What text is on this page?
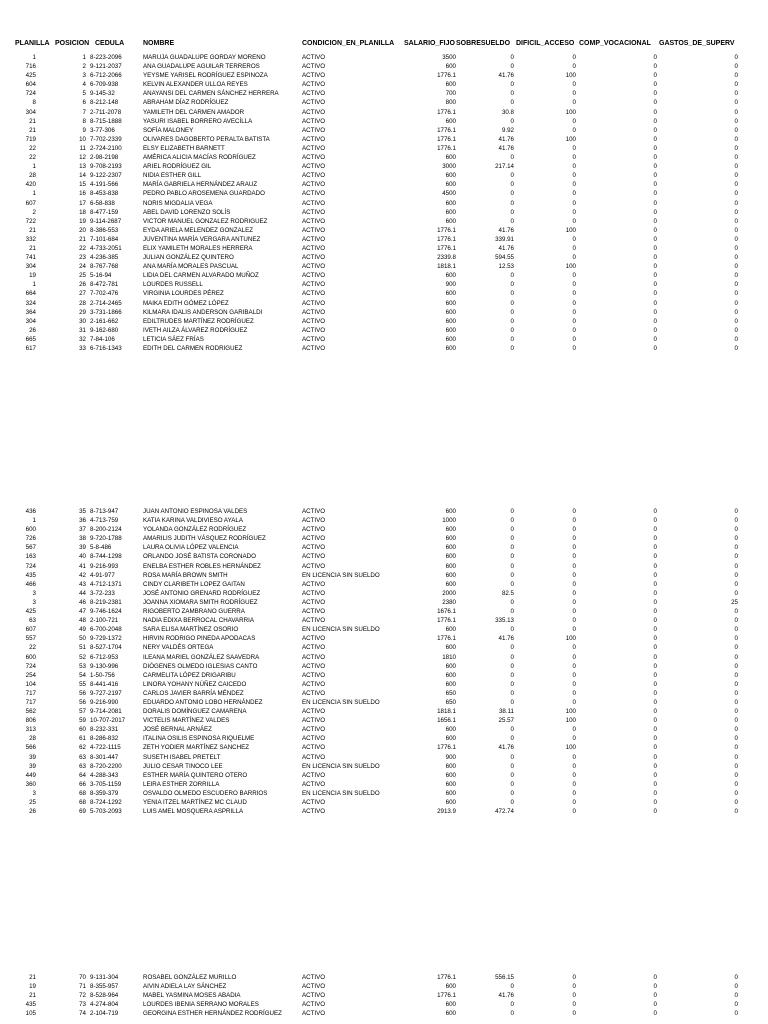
PLANILLA POSICION CEDULA	NOMBRE	CONDICION_EN_PLANILLA SALARIO_FIJO SOBRESUELDO DIFICIL_ACCESO COMP_VOCACIONAL GASTOS_DE_SUPERV
1	1 8-223-2096	MARUJA GUADALUPE GORDAY MORENO	ACTIVO	3500	0	0	0	0
716	2 9-121-2037	ANA GUADALUPE AGUILAR TERREROS	ACTIVO	600	0	0	0	0
425	3 6-712-2066	YEYSME YARISEL RODRÍGUEZ ESPINOZA	ACTIVO	1776.1	41.76	100	0	0
604	4 6-709-938	KELVIN ALEXANDER ULLOA REYES	ACTIVO	600	0	0	0	0
724	5 9-145-32	ANAYANSI DEL CARMEN SÁNCHEZ HERRERA	ACTIVO	700	0	0	0	0
8	6 8-212-148	ABRAHAM DÍAZ RODRÍGUEZ	ACTIVO	800	0	0	0	0
304	7 2-711-2078	YAMILETH DEL CARMEN AMADOR	ACTIVO	1776.1	30.8	100	0	0
21	8 8-715-1888	YASURI ISABEL BORRERO AVECÍLLA	ACTIVO	600	0	0	0	0
21	9 3-77-306	SOFÍA MALONEY	ACTIVO	1776.1	9.92	0	0	0
719	10 7-702-2339	OLIVARES DAGOBERTO PERALTA BATISTA	ACTIVO	1776.1	41.76	100	0	0
22	11 2-724-2100	ELSY ELIZABETH BARNETT	ACTIVO	1776.1	41.76	0	0	0
22	12 2-98-2198	AMÉRICA ALICIA MACÍAS RODRÍGUEZ	ACTIVO	600	0	0	0	0
1	13 9-708-2193	ARIEL RODRÍGUEZ GIL	ACTIVO	3000	217.14	0	0	0
28	14 9-122-2307	NIDIA ESTHER GILL	ACTIVO	600	0	0	0	0
420	15 4-191-566	MARÍA GABRIELA HERNÁNDEZ ARAUZ	ACTIVO	600	0	0	0	0
1	16 8-453-838	PEDRO PABLO AROSEMENA GUARDADO	ACTIVO	4500	0	0	0	0
607	17 6-58-838	NORIS MIGDALIA VEGA	ACTIVO	600	0	0	0	0
2	18 8-477-159	ABEL DAVID LORENZO SOLÍS	ACTIVO	600	0	0	0	0
722	19 9-114-2687	VICTOR MANUEL GONZALEZ RODRIGUEZ	ACTIVO	600	0	0	0	0
21	20 8-386-553	EYDA ARIELA MELENDEZ GONZALEZ	ACTIVO	1776.1	41.76	100	0	0
332	21 7-101-684	JUVENTINA MARÍA VERGARA ANTUNEZ	ACTIVO	1776.1	339.91	0	0	0
21	22 4-733-2051	ELIX YAMILETH MORALES HERRERA	ACTIVO	1776.1	41.76	0	0	0
741	23 4-236-385	JULIAN GONZÁLEZ QUINTERO	ACTIVO	2339.8	594.55	0	0	0
304	24 8-767-768	ANA MARÍA MORALES PASCUAL	ACTIVO	1818.1	12.53	100	0	0
19	25 5-16-94	LIDIA DEL CARMEN ALVARADO MUÑOZ	ACTIVO	600	0	0	0	0
1	26 8-472-781	LOURDES RUSSELL	ACTIVO	900	0	0	0	0
664	27 7-702-476	VIRGINIA LOURDES PÉREZ	ACTIVO	600	0	0	0	0
324	28 2-714-2465	MAIKA EDITH GÓMEZ LÓPEZ	ACTIVO	600	0	0	0	0
364	29 3-731-1866	KILMARA IDALIS ANDERSON GARIBALDI	ACTIVO	600	0	0	0	0
304	30 2-161-662	EDILTRUDES MARTÍNEZ RODRÍGUEZ	ACTIVO	600	0	0	0	0
26	31 9-162-680	IVETH AILZA ÁLVAREZ RODRÍGUEZ	ACTIVO	600	0	0	0	0
665	32 7-84-106	LETICIA SÁEZ FRÍAS	ACTIVO	600	0	0	0	0
617	33 6-716-1343	EDITH DEL CARMEN RODRIGUEZ	ACTIVO	600	0	0	0	0
436	35 8-713-947	JUAN ANTONIO ESPINOSA VALDES	ACTIVO	600	0	0	0	0
1	36 4-713-759	KATIA KARINA VALDIVIESO AYALA	ACTIVO	1000	0	0	0	0
600	37 8-200-2124	YOLANDA GONZÁLEZ RODRÍGUEZ	ACTIVO	600	0	0	0	0
726	38 9-720-1788	AMARILIS JUDITH VÁSQUEZ RODRÍGUEZ	ACTIVO	600	0	0	0	0
567	39 5-8-486	LAURA OLIVIA LÓPEZ VALENCIA	ACTIVO	600	0	0	0	0
163	40 8-744-1298	ORLANDO JOSÉ BATISTA CORONADO	ACTIVO	600	0	0	0	0
724	41 9-216-993	ENELBA ESTHER ROBLES HERNÁNDEZ	ACTIVO	600	0	0	0	0
435	42 4-91-977	ROSA MARÍA BROWN SMITH	EN LICENCIA SIN SUELDO	600	0	0	0	0
466	43 4-712-1371	CINDY CLARIBETH LOPEZ GAITAN	ACTIVO	600	0	0	0	0
3	44 3-72-233	JOSÉ ANTONIO GRENARD RODRÍGUEZ	ACTIVO	2000	82.5	0	0	0
3	46 8-219-2381	JOANNA XIOMARA SMITH RODRÍGUEZ	ACTIVO	2380	0	0	0	25
425	47 9-746-1624	RIGOBERTO ZAMBRANO GUERRA	ACTIVO	1676.1	0	0	0	0
63	48 2-100-721	NADIA EDIXA BERROCAL CHAVARRIA	ACTIVO	1776.1	335.13	0	0	0
607	49 6-700-2048	SARA ELISA MARTÍNEZ OSORIO	EN LICENCIA SIN SUELDO	600	0	0	0	0
557	50 9-729-1372	HIRVIN RODRIGO PINEDA APODACAS	ACTIVO	1776.1	41.76	100	0	0
22	51 8-527-1704	NERY VALDÉS ORTEGA	ACTIVO	600	0	0	0	0
600	52 6-712-953	ILEANA MARIEL GONZÁLEZ SAAVEDRA	ACTIVO	1810	0	0	0	0
724	53 9-130-996	DIÓGENES OLMEDO IGLESIAS CANTO	ACTIVO	600	0	0	0	0
254	54 1-50-756	CARMELITA LÓPEZ DRIGARIBU	ACTIVO	600	0	0	0	0
104	55 8-441-416	LINORA YOHANY NÚÑEZ CAICEDO	ACTIVO	600	0	0	0	0
717	56 9-727-2197	CARLOS JAVIER BARRÍA MÉNDEZ	ACTIVO	650	0	0	0	0
717	56 9-216-990	EDUARDO ANTONIO LOBO HERNÁNDEZ	EN LICENCIA SIN SUELDO	650	0	0	0	0
562	57 9-714-2081	DORALIS DOMÍNGUEZ CAMARENA	ACTIVO	1818.1	38.11	100	0	0
806	59 10-707-2017	VICTELIS MARTÍNEZ VALDES	ACTIVO	1656.1	25.57	100	0	0
313	60 8-232-331	JOSÉ BERNAL ARNÁEZ	ACTIVO	600	0	0	0	0
28	61 8-286-832	ITALINA OSILIS ESPINOSA RIQUELME	ACTIVO	600	0	0	0	0
566	62 4-722-1115	ZETH YODIER MARTÍNEZ SANCHEZ	ACTIVO	1776.1	41.76	100	0	0
39	63 8-301-447	SUSETH ISABEL PRETELT	ACTIVO	900	0	0	0	0
39	63 8-720-2200	JULIO CESAR TINOCO LEE	EN LICENCIA SIN SUELDO	600	0	0	0	0
449	64 4-288-343	ESTHER MARÍA QUINTERO OTERO	ACTIVO	600	0	0	0	0
360	66 3-705-1159	LEIRA ESTHER ZORRILLA	ACTIVO	600	0	0	0	0
3	68 8-359-379	OSVALDO OLMEDO ESCUDERO BARRIOS	EN LICENCIA SIN SUELDO	600	0	0	0	0
25	68 8-724-1292	YENIA ITZEL MARTÍNEZ MC CLAUD	ACTIVO	600	0	0	0	0
26	69 5-703-2093	LUIS AMEL MOSQUERA ASPRILLA	ACTIVO	2913.9	472.74	0	0	0
21	70 9-131-304	ROSABEL GONZÁLEZ MURILLO	ACTIVO	1776.1	556.15	0	0	0
19	71 8-355-957	AIVIN ADIELA LAY SÁNCHEZ	ACTIVO	600	0	0	0	0
21	72 8-528-964	MABEL YASMINA MOSES ABADIA	ACTIVO	1776.1	41.76	0	0	0
435	73 4-274-804	LOURDES IBENIA SERRANO MORALES	ACTIVO	600	0	0	0	0
105	74 2-104-719	GEORGINA ESTHER HERNÁNDEZ RODRÍGUEZ	ACTIVO	600	0	0	0	0
